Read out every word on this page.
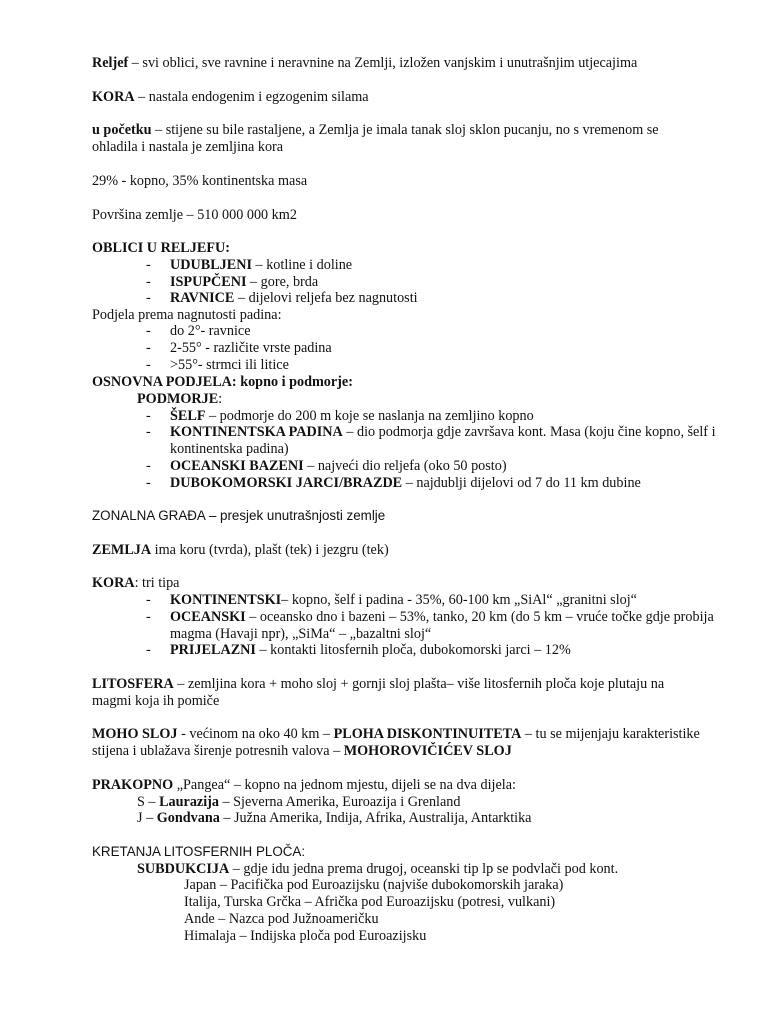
Reljef – svi oblici, sve ravnine i neravnine na Zemlji, izložen vanjskim i unutrašnjim utjecajima
KORA – nastala endogenim i egzogenim silama
u početku – stijene su bile rastaljene, a Zemlja je imala tanak sloj sklon pucanju, no s vremenom se ohladila i nastala je zemljina kora
29% - kopno, 35% kontinentska masa
Površina zemlje – 510 000 000 km2
OBLICI U RELJEFU:
- UDUBLJENI – kotline i doline
- ISPUPČENI – gore, brda
- RAVNICE – dijelovi reljefa bez nagnutosti
Podjela prema nagnutosti padina:
- do 2°- ravnice
- 2-55° - različite vrste padina
- >55°- strmci ili litice
OSNOVNA PODJELA: kopno i podmorje:
PODMORJE:
- ŠELF – podmorje do 200 m koje se naslanja na zemljino kopno
- KONTINENTSKA PADINA – dio podmorja gdje završava kont. Masa (koju čine kopno, šelf i kontinentska padina)
- OCEANSKI BAZENI – najveći dio reljefa (oko 50 posto)
- DUBOKOMORSKI JARCI/BRAZDE – najdublji dijelovi od 7 do 11 km dubine
ZONALNA GRAĐA – presjek unutrašnjosti zemlje
ZEMLJA ima koru (tvrda), plašt (tek) i jezgru (tek)
KORA: tri tipa
- KONTINENTSKI– kopno, šelf i padina - 35%, 60-100 km „SiAl“ „granitni sloj“
- OCEANSKI – oceansko dno i bazeni – 53%, tanko, 20 km (do 5 km – vruće točke gdje probija magma (Havaji npr), „SiMa“ – „bazaltni sloj“
- PRIJELAZNI – kontakti litosfernih ploča, dubokomorski jarci – 12%
LITOSFERA – zemljina kora + moho sloj + gornji sloj plašta– više litosfernih ploča koje plutaju na magmi koja ih pomiče
MOHO SLOJ - većinom na oko 40 km – PLOHA DISKONTINUITETA – tu se mijenjaju karakteristike stijena i ublažava širenje potresnih valova – MOHOROVIČIĆEV SLOJ
PRAKOPNO „Pangea“ – kopno na jednom mjestu, dijeli se na dva dijela:
S – Laurazija – Sjeverna Amerika, Euroazija i Grenland
J – Gondvana – Južna Amerika, Indija, Afrika, Australija, Antarktika
KRETANJA LITOSFERNIH PLOČA:
SUBDUKCIJA – gdje idu jedna prema drugoj, oceanski tip lp se podvlači pod kont.
Japan – Pacifička pod Euroazijsku (najviše dubokomorskih jaraka)
Italija, Turska Grčka – Afrička pod Euroazijsku (potresi, vulkani)
Ande – Nazca pod Južnoameričku
Himalaja – Indijska ploča pod Euroazijsku
